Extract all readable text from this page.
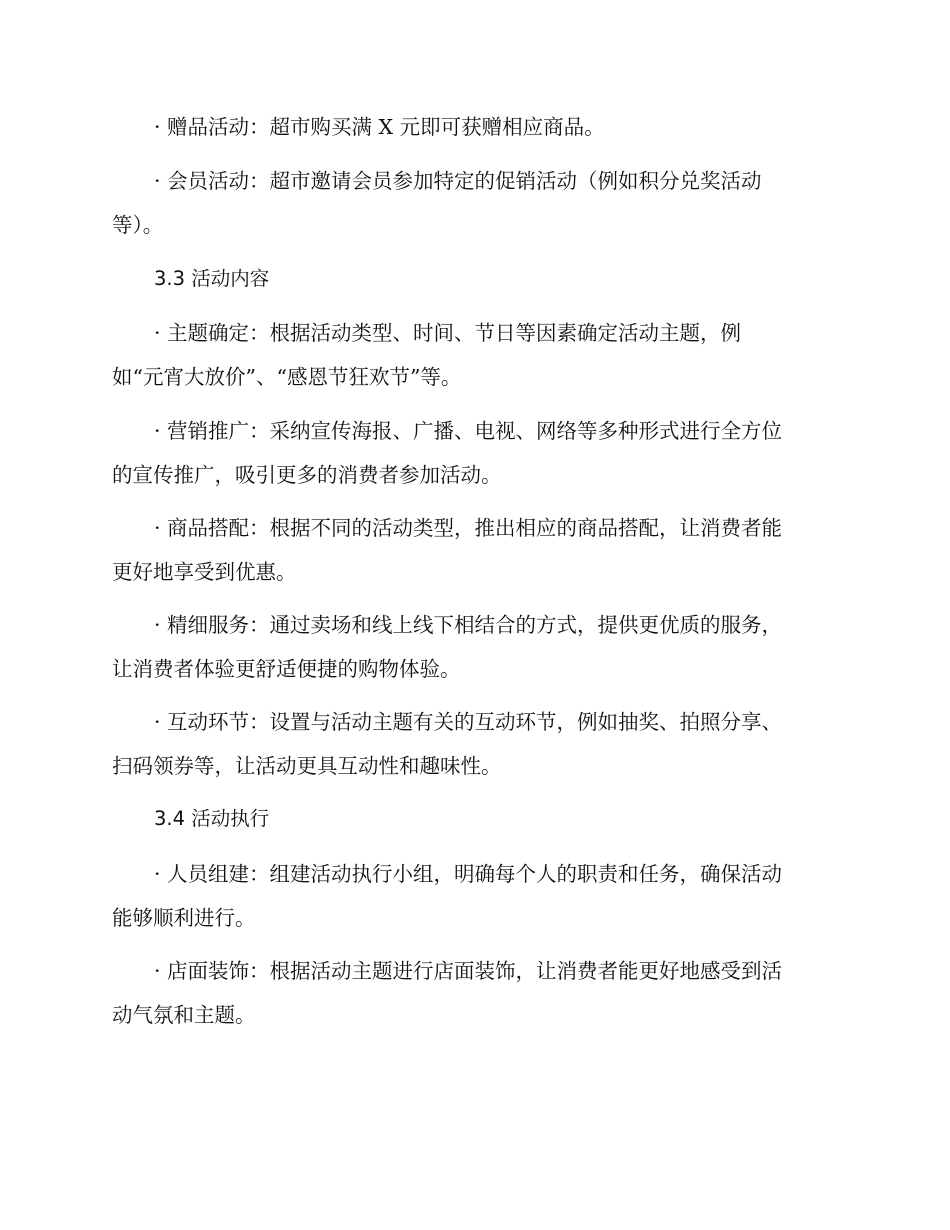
· 赠品活动：超市购买满 X 元即可获赠相应商品。

· 会员活动：超市邀请会员参加特定的促销活动（例如积分兑奖活动
等）。

3.3 活动内容

· 主题确定：根据活动类型、时间、节日等因素确定活动主题，例
如“元宵大放价”、“感恩节狂欢节”等。

· 营销推广：采纳宣传海报、广播、电视、网络等多种形式进行全方位
的宣传推广，吸引更多的消费者参加活动。

· 商品搭配：根据不同的活动类型，推出相应的商品搭配，让消费者能
更好地享受到优惠。

· 精细服务：通过卖场和线上线下相结合的方式，提供更优质的服务，
让消费者体验更舒适便捷的购物体验。

· 互动环节：设置与活动主题有关的互动环节，例如抽奖、拍照分享、
扫码领券等，让活动更具互动性和趣味性。

3.4 活动执行

· 人员组建：组建活动执行小组，明确每个人的职责和任务，确保活动
能够顺利进行。

· 店面装饰：根据活动主题进行店面装饰，让消费者能更好地感受到活
动气氛和主题。
